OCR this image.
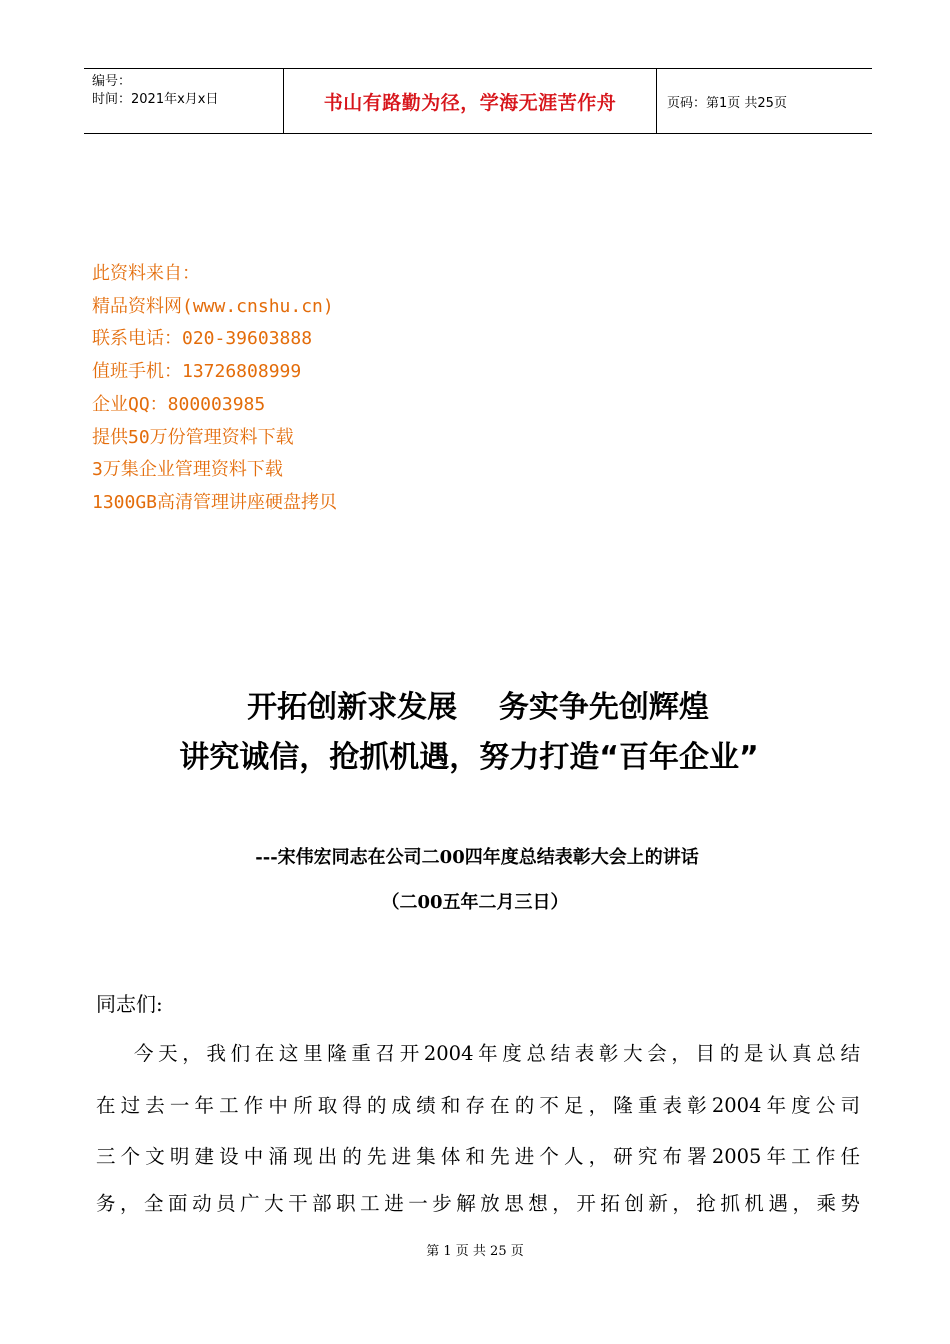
编号：
时间：2021年x月x日	书山有路勤为径，学海无涯苦作舟	页码：第1页 共25页
此资料来自：
精品资料网(www.cnshu.cn)
联系电话：020-39603888
值班手机：13726808999
企业QQ：800003985
提供50万份管理资料下载
3万集企业管理资料下载
1300GB高清管理讲座硬盘拷贝
开拓创新求发展    务实争先创辉煌
讲究诚信，抢抓机遇，努力打造“百年企业”
---宋伟宏同志在公司二00四年度总结表彰大会上的讲话
（二00五年二月三日）
同志们:
今天，我们在这里隆重召开2004年度总结表彰大会，目的是认真总结
在过去一年工作中所取得的成绩和存在的不足，隆重表彰2004年度公司
三个文明建设中涌现出的先进集体和先进个人，研究布署2005年工作任
务，全面动员广大干部职工进一步解放思想，开拓创新，抢抓机遇，乘势
第 1 页 共 25 页
